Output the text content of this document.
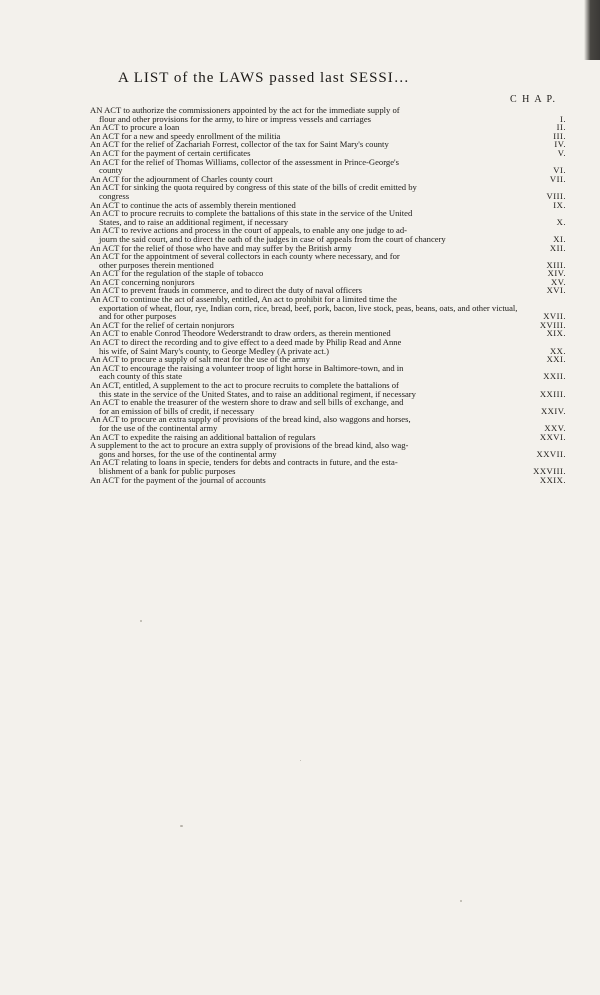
A LIST of the LAWS passed last SESSI…
C H A P.
AN ACT to authorize the commissioners appointed by the act for the immediate supply of
flour and other provisions for the army, to hire or impress vessels and carriages	I.
An ACT to procure a loan	II.
An ACT for a new and speedy enrollment of the militia	III.
An ACT for the relief of Zachariah Forrest, collector of the tax for Saint Mary's county	IV.
An ACT for the payment of certain certificates	V.
An ACT for the relief of Thomas Williams, collector of the assessment in Prince-George's
county	VI.
An ACT for the adjournment of Charles county court	VII.
An ACT for sinking the quota required by congress of this state of the bills of credit emitted by
congress	VIII.
An ACT to continue the acts of assembly therein mentioned	IX.
An ACT to procure recruits to complete the battalions of this state in the service of the United
States, and to raise an additional regiment, if necessary	X.
An ACT to revive actions and process in the court of appeals, to enable any one judge to ad-
journ the said court, and to direct the oath of the judges in case of appeals from the court of chancery	XI.
An ACT for the relief of those who have and may suffer by the British army	XII.
An ACT for the appointment of several collectors in each county where necessary, and for
other purposes therein mentioned	XIII.
An ACT for the regulation of the staple of tobacco	XIV.
An ACT concerning nonjurors	XV.
An ACT to prevent frauds in commerce, and to direct the duty of naval officers	XVI.
An ACT to continue the act of assembly, entitled, An act to prohibit for a limited time the
exportation of wheat, flour, rye, Indian corn, rice, bread, beef, pork, bacon, live stock, peas, beans, oats, and other victual, and for other purposes	XVII.
An ACT for the relief of certain nonjurors	XVIII.
An ACT to enable Conrod Theodore Wederstrandt to draw orders, as therein mentioned	XIX.
An ACT to direct the recording and to give effect to a deed made by Philip Read and Anne
his wife, of Saint Mary's county, to George Medley (A private act.)	XX.
An ACT to procure a supply of salt meat for the use of the army	XXI.
An ACT to encourage the raising a volunteer troop of light horse in Baltimore-town, and in
each county of this state	XXII.
An ACT, entitled, A supplement to the act to procure recruits to complete the battalions of
this state in the service of the United States, and to raise an additional regiment, if necessary	XXIII.
An ACT to enable the treasurer of the western shore to draw and sell bills of exchange, and
for an emission of bills of credit, if necessary	XXIV.
An ACT to procure an extra supply of provisions of the bread kind, also waggons and horses,
for the use of the continental army	XXV.
An ACT to expedite the raising an additional battalion of regulars	XXVI.
A supplement to the act to procure an extra supply of provisions of the bread kind, also wag-
gons and horses, for the use of the continental army	XXVII.
An ACT relating to loans in specie, tenders for debts and contracts in future, and the esta-
blishment of a bank for public purposes	XXVIII.
An ACT for the payment of the journal of accounts	XXIX.
